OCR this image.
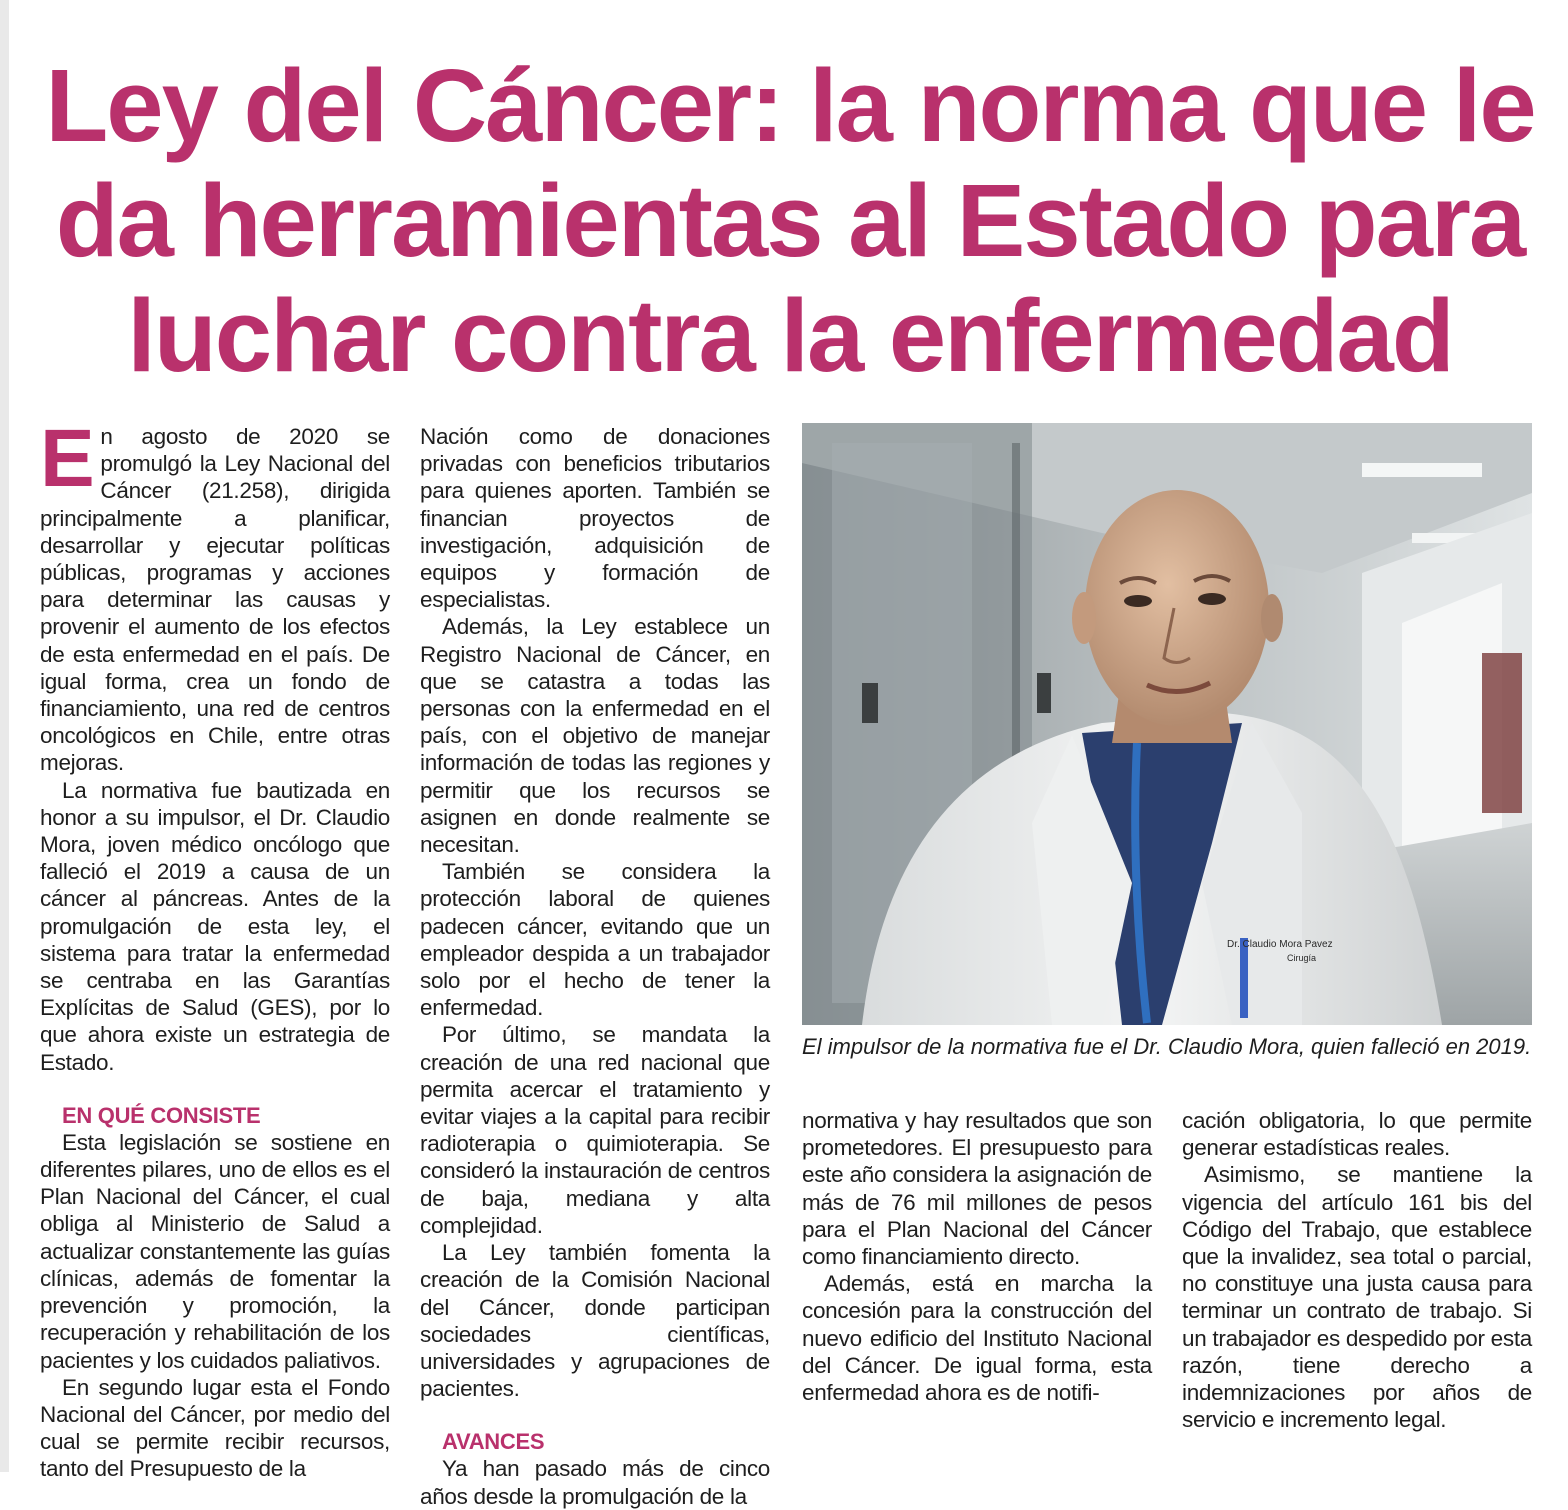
Ley del Cáncer: la norma que le
da herramientas al Estado para
luchar contra la enfermedad

En agosto de 2020 se promulgó la Ley Nacional del Cáncer (21.258), dirigida principalmente a planificar, desarrollar y ejecutar políticas públicas, programas y acciones para determinar las causas y provenir el aumento de los efectos de esta enfermedad en el país. De igual forma, crea un fondo de financiamiento, una red de centros oncológicos en Chile, entre otras mejoras.

La normativa fue bautizada en honor a su impulsor, el Dr. Claudio Mora, joven médico oncólogo que falleció el 2019 a causa de un cáncer al páncreas. Antes de la promulgación de esta ley, el sistema para tratar la enfermedad se centraba en las Garantías Explícitas de Salud (GES), por lo que ahora existe un estrategia de Estado.

EN QUÉ CONSISTE

Esta legislación se sostiene en diferentes pilares, uno de ellos es el Plan Nacional del Cáncer, el cual obliga al Ministerio de Salud a actualizar constantemente las guías clínicas, además de fomentar la prevención y promoción, la recuperación y rehabilitación de los pacientes y los cuidados paliativos.

En segundo lugar esta el Fondo Nacional del Cáncer, por medio del cual se permite recibir recursos, tanto del Presupuesto de la

Nación como de donaciones privadas con beneficios tributarios para quienes aporten. También se financian proyectos de investigación, adquisición de equipos y formación de especialistas.

Además, la Ley establece un Registro Nacional de Cáncer, en que se catastra a todas las personas con la enfermedad en el país, con el objetivo de manejar información de todas las regiones y permitir que los recursos se asignen en donde realmente se necesitan.

También se considera la protección laboral de quienes padecen cáncer, evitando que un empleador despida a un trabajador solo por el hecho de tener la enfermedad.

Por último, se mandata la creación de una red nacional que permita acercar el tratamiento y evitar viajes a la capital para recibir radioterapia o quimioterapia. Se consideró la instauración de centros de baja, mediana y alta complejidad.

La Ley también fomenta la creación de la Comisión Nacional del Cáncer, donde participan sociedades científicas, universidades y agrupaciones de pacientes.

AVANCES

Ya han pasado más de cinco años desde la promulgación de la

Dr. Claudio Mora Pavez
Cirugía
El impulsor de la normativa fue el Dr. Claudio Mora, quien falleció en 2019.

normativa y hay resultados que son prometedores. El presupuesto para este año considera la asignación de más de 76 mil millones de pesos para el Plan Nacional del Cáncer como financiamiento directo.

Además, está en marcha la concesión para la construcción del nuevo edificio del Instituto Nacional del Cáncer. De igual forma, esta enfermedad ahora es de notifi-

cación obligatoria, lo que permite generar estadísticas reales.

Asimismo, se mantiene la vigencia del artículo 161 bis del Código del Trabajo, que establece que la invalidez, sea total o parcial, no constituye una justa causa para terminar un contrato de trabajo. Si un trabajador es despedido por esta razón, tiene derecho a indemnizaciones por años de servicio e incremento legal.
